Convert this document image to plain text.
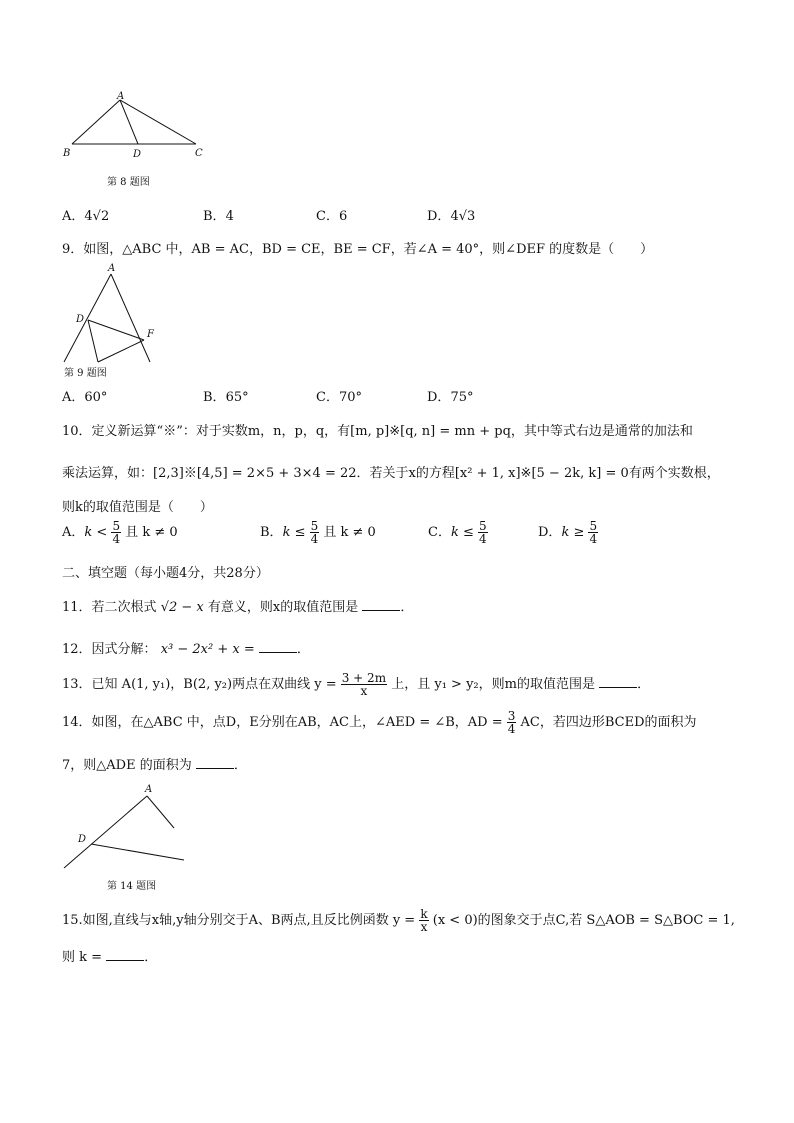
A
B	D	C
第 8 题图
A．4√2	B．4	C．6	D．4√3
9．如图，△ABC 中，AB = AC，BD = CE，BE = CF，若∠A = 40°，则∠DEF 的度数是（　　）
A
D
F
第 9 题图
A．60°	B．65°	C．70°	D．75°
10．定义新运算“※”：对于实数m，n，p，q，有[m, p]※[q, n] = mn + pq，其中等式右边是通常的加法和
乘法运算，如：[2,3]※[4,5] = 2×5 + 3×4 = 22．若关于x的方程[x² + 1, x]※[5 − 2k, k] = 0有两个实数根，
则k的取值范围是（　　）
A．$k < \frac{5}{4}$ 且 k ≠ 0	B．$k \le \frac{5}{4}$ 且 k ≠ 0	C．$k \le \frac{5}{4}$	D．$k \ge \frac{5}{4}$
二、填空题（每小题4分，共28分）
11．若二次根式 √2 − x 有意义，则x的取值范围是	．
12．因式分解： x³ − 2x² + x =	．
13．已知 A(1, y₁)，B(2, y₂)两点在双曲线 $y = \frac{3 + 2m}{x}$ 上，且 y₁ > y₂，则m的取值范围是	．
14．如图，在△ABC 中，点D，E分别在AB，AC上，∠AED = ∠B，AD = $\frac{3}{4}$ AC，若四边形BCED的面积为
7，则△ADE 的面积为	．
A
D
第 14 题图
15.如图,直线与x轴,y轴分别交于A、B两点,且反比例函数 $y = \frac{k}{x} (x < 0)$的图象交于点C,若 S△AOB = S△BOC = 1,
则 k =	．
